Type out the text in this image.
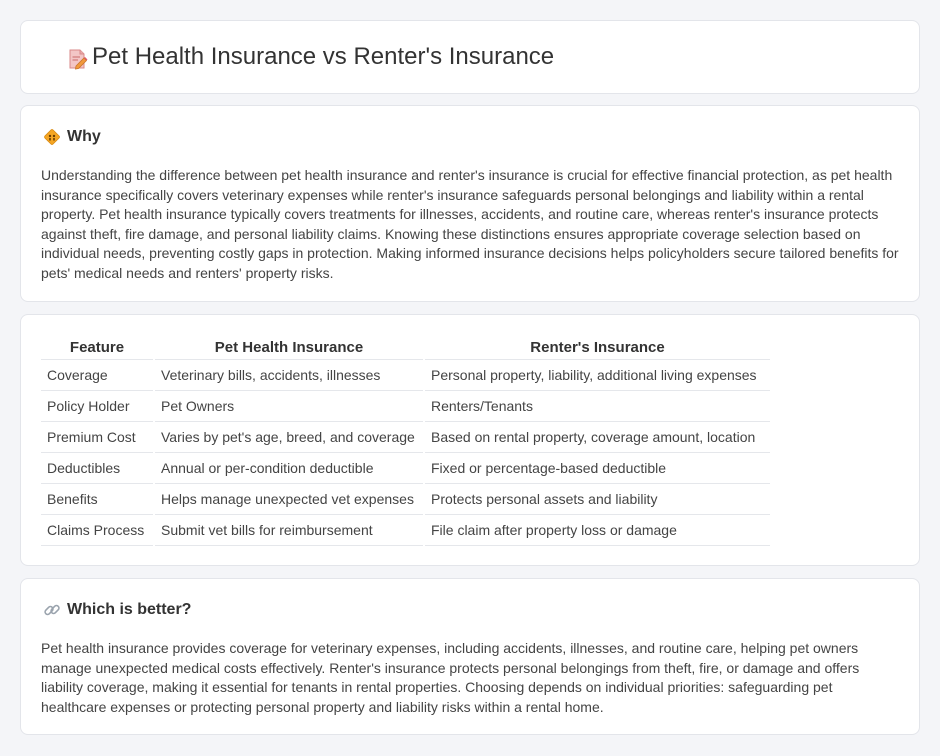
Pet Health Insurance vs Renter's Insurance
Why

Understanding the difference between pet health insurance and renter's insurance is crucial for effective financial protection, as pet health insurance specifically covers veterinary expenses while renter's insurance safeguards personal belongings and liability within a rental property. Pet health insurance typically covers treatments for illnesses, accidents, and routine care, whereas renter's insurance protects against theft, fire damage, and personal liability claims. Knowing these distinctions ensures appropriate coverage selection based on individual needs, preventing costly gaps in protection. Making informed insurance decisions helps policyholders secure tailored benefits for pets' medical needs and renters' property risks.

Feature	Pet Health Insurance	Renter's Insurance
Coverage	Veterinary bills, accidents, illnesses	Personal property, liability, additional living expenses
Policy Holder	Pet Owners	Renters/Tenants
Premium Cost	Varies by pet's age, breed, and coverage	Based on rental property, coverage amount, location
Deductibles	Annual or per-condition deductible	Fixed or percentage-based deductible
Benefits	Helps manage unexpected vet expenses	Protects personal assets and liability
Claims Process	Submit vet bills for reimbursement	File claim after property loss or damage
Which is better?

Pet health insurance provides coverage for veterinary expenses, including accidents, illnesses, and routine care, helping pet owners manage unexpected medical costs effectively. Renter's insurance protects personal belongings from theft, fire, or damage and offers liability coverage, making it essential for tenants in rental properties. Choosing depends on individual priorities: safeguarding pet healthcare expenses or protecting personal property and liability risks within a rental home.
